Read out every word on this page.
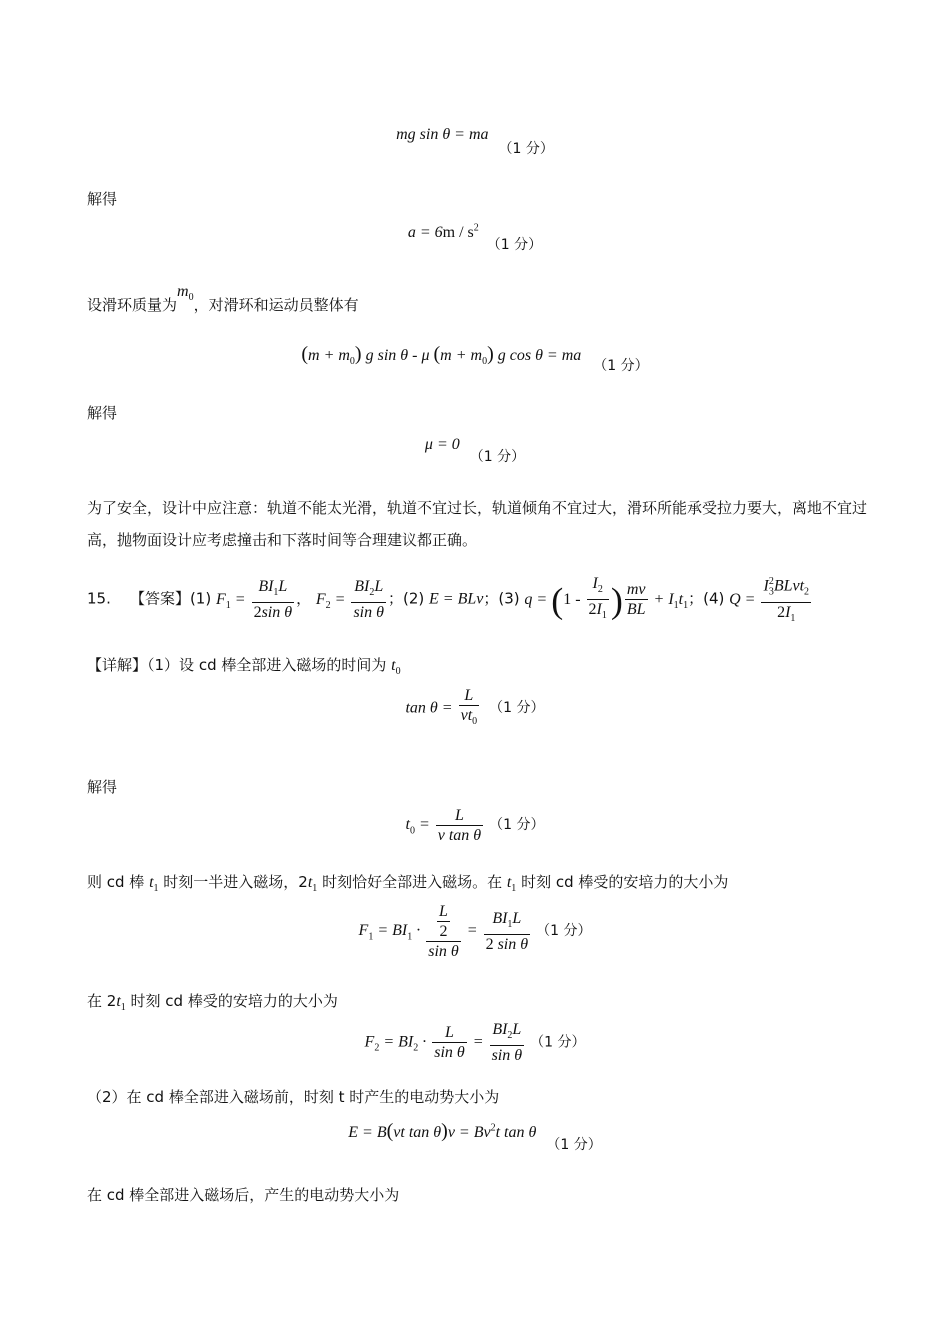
mg sin θ = ma （1 分）
解得
$a = 6m / s^2$ （1 分）
设滑环质量为$m_0$，对滑环和运动员整体有
$(m + m_0)$ g sin θ - μ $(m + m_0)$ g cos θ = ma （1 分）
解得
μ = 0 （1 分）
为了安全，设计中应注意：轨道不能太光滑，轨道不宜过长，轨道倾角不宜过大，滑环所能承受拉力要大，离地不宜过高，抛物面设计应考虑撞击和下落时间等合理建议都正确。
15. 【答案】(1) $F_1 = \frac{BI_1L}{\text{2sin θ}}$ ， $F_2 = \frac{BI_2L}{\text{sin θ}}$ ；(2) E = BLv；(3) $q = (1 - \frac{I_2}{2I_1}$ ) $\frac{mv}{BL} + I_1t_1$；(4) $Q = \frac{I_3^2BLvt_2}{2I_1}$
【详解】（1）设 cd 棒全部进入磁场的时间为 $t_0$
$\tan \theta = \frac{L}{vt_0} (1$ 分）
解得
$t_0 = \frac{L}{\text{v tan θ}} (1$ 分）
则 cd 棒 $t_1$ 时刻一半进入磁场，$2t_1$ 时刻恰好全部进入磁场。在 $t_1$ 时刻 cd 棒受的安培力的大小为
$F_1 = BI_1 \cdot \frac{\frac{L}{2}}{\text{sin θ}} = \frac{BI_1L}{\text{2 sin θ}} (1$ 分）
在 $2t_1$ 时刻 cd 棒受的安培力的大小为
$F_2 = BI_2 \cdot \frac{L}{\text{sin θ}} = \frac{BI_2L}{\text{sin θ}} (1$ 分）
（2）在 cd 棒全部进入磁场前，时刻 t 时产生的电动势大小为
E = B(vt $\tan \theta)v = Bv^2t$ tan θ （1 分）
在 cd 棒全部进入磁场后，产生的电动势大小为
